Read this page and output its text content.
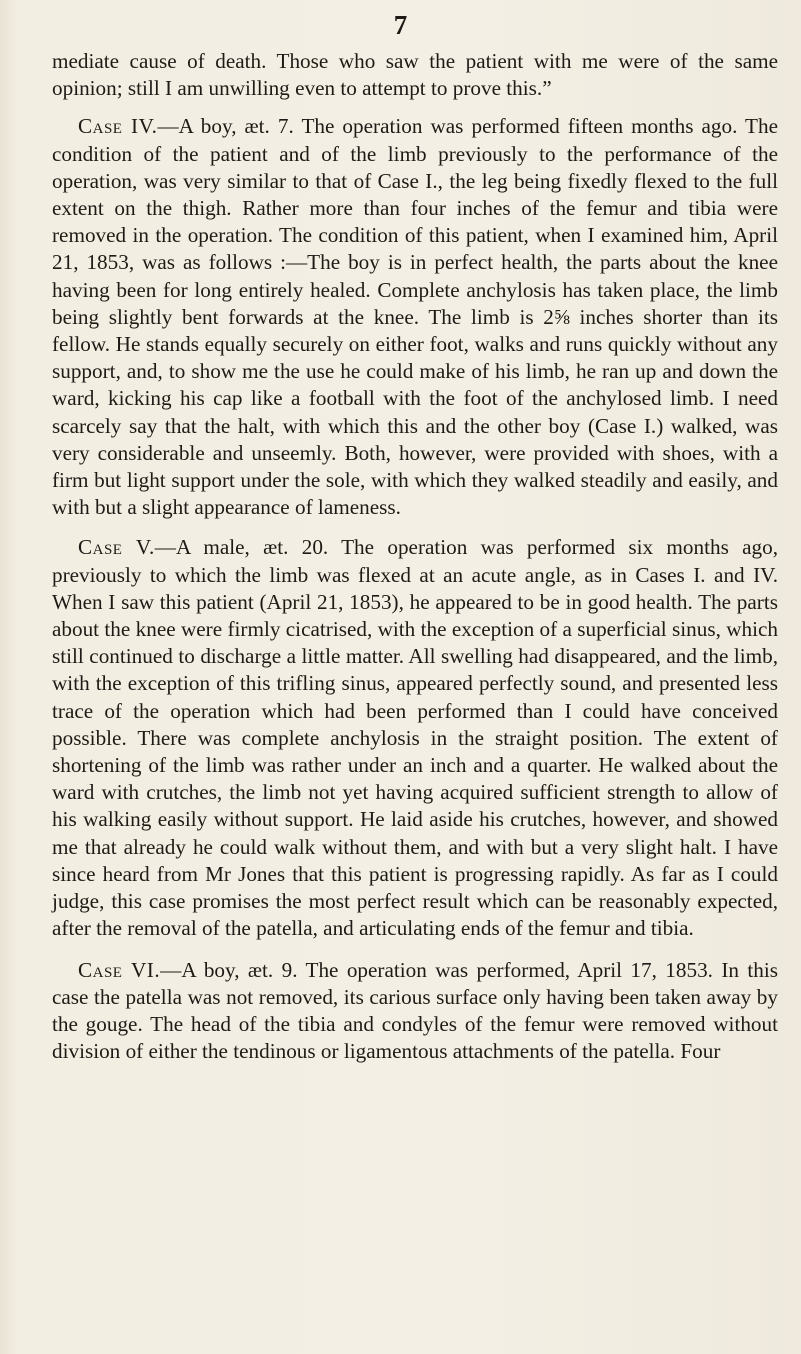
7

mediate cause of death. Those who saw the patient with me were of the same opinion; still I am unwilling even to attempt to prove this.”

Case IV.—A boy, æt. 7. The operation was performed fifteen months ago. The condition of the patient and of the limb previously to the performance of the operation, was very similar to that of Case I., the leg being fixedly flexed to the full extent on the thigh. Rather more than four inches of the femur and tibia were removed in the operation. The condition of this patient, when I examined him, April 21, 1853, was as follows :—The boy is in perfect health, the parts about the knee having been for long entirely healed. Complete anchylosis has taken place, the limb being slightly bent forwards at the knee. The limb is 2⅝ inches shorter than its fellow. He stands equally securely on either foot, walks and runs quickly without any support, and, to show me the use he could make of his limb, he ran up and down the ward, kicking his cap like a football with the foot of the anchylosed limb. I need scarcely say that the halt, with which this and the other boy (Case I.) walked, was very considerable and unseemly. Both, however, were provided with shoes, with a firm but light support under the sole, with which they walked steadily and easily, and with but a slight appearance of lameness.

Case V.—A male, æt. 20. The operation was performed six months ago, previously to which the limb was flexed at an acute angle, as in Cases I. and IV. When I saw this patient (April 21, 1853), he appeared to be in good health. The parts about the knee were firmly cicatrised, with the exception of a superficial sinus, which still continued to discharge a little matter. All swelling had disappeared, and the limb, with the exception of this trifling sinus, appeared perfectly sound, and presented less trace of the operation which had been performed than I could have conceived possible. There was complete anchylosis in the straight position. The extent of shortening of the limb was rather under an inch and a quarter. He walked about the ward with crutches, the limb not yet having acquired sufficient strength to allow of his walking easily without support. He laid aside his crutches, however, and showed me that already he could walk without them, and with but a very slight halt. I have since heard from Mr Jones that this patient is progressing rapidly. As far as I could judge, this case promises the most perfect result which can be reasonably expected, after the removal of the patella, and articulating ends of the femur and tibia.

Case VI.—A boy, æt. 9. The operation was performed, April 17, 1853. In this case the patella was not removed, its carious surface only having been taken away by the gouge. The head of the tibia and condyles of the femur were removed without division of either the tendinous or ligamentous attachments of the patella. Four
